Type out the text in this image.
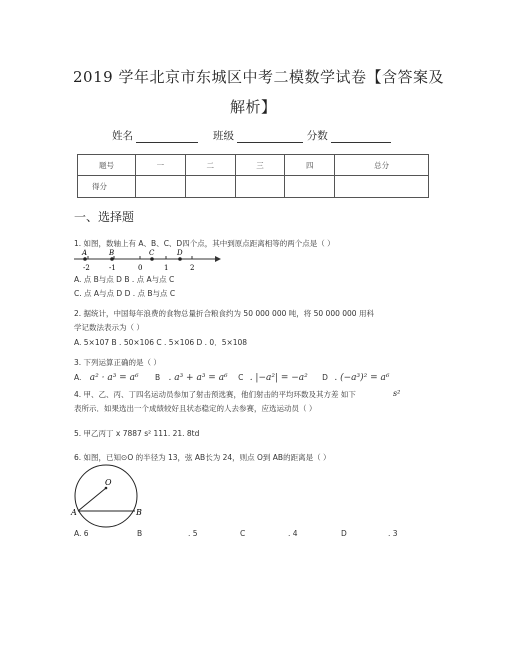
2019 学年北京市东城区中考二模数学试卷【含答案及
解析】
姓名	班级	分数
题号	一	二	三	四	总分
得分					
一、选择题
1. 如图，数轴上有 A、B、C、D四个点，其中到原点距离相等的两个点是（ ）
A	B	C	D
-2	-1	0	1	2
A. 点 B与点 D B . 点 A与点 C
C. 点 A与点 D D . 点 B与点 C
2. 据统计，中国每年浪费的食物总量折合粮食约为 50 000 000 吨，将 50 000 000 用科
学记数法表示为（ ）
A. 5×107 B . 50×106 C . 5×106 D . 0．5×108
3. 下列运算正确的是（ ）
A. a² · a³ = a⁶ B . a³ + a³ = a⁶ C . |−a²| = −a² D . (−a³)² = a⁶
4. 甲、乙、丙、丁四名运动员参加了射击预选赛，他们射击的平均环数及其方差 如下	s²
表所示．如果选出一个成绩较好且状态稳定的人去参赛，应选运动员（ ）
5. 甲乙丙丁 x 7887 s² 111. 21. 8td
6. 如图，已知⊙O 的半径为 13，弦 AB长为 24，则点 O到 AB的距离是（ ）
O
A	B
A. 6	B	. 5	C	. 4	D	. 3
